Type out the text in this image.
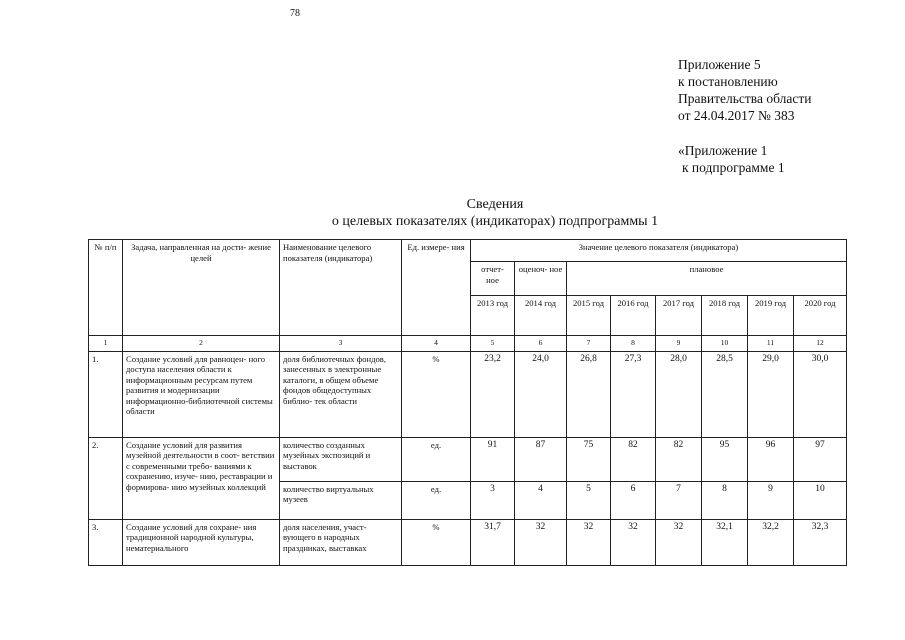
78
Приложение 5
к постановлению
Правительства области
от 24.04.2017 № 383
«Приложение 1
к подпрограмме 1
Сведения
о целевых показателях (индикаторах) подпрограммы 1
№ п/п	Задача, направленная на дости- жение целей	Наименование целевого показателя (индикатора)	Ед. измере- ния	Значение целевого показателя (индикатора)							
				отчет- ное	оценоч- ное	плановое					
				2013 год	2014 год	2015 год	2016 год	2017 год	2018 год	2019 год	2020 год
1	2	3	4	5	6	7	8	9	10	11	12
1.	Создание условий для равноцен- ного доступа населения области к информационным ресурсам путем развития и модернизации информационно-библиотечной системы области	доля библиотечных фондов, занесенных в электронные каталоги, в общем объеме фондов общедоступных библио- тек области	%	23,2	24,0	26,8	27,3	28,0	28,5	29,0	30,0
2.	Создание условий для развития музейной деятельности в соот- ветствии с современными требо- ваниями к сохранению, изуче- нию, реставрации и формирова- нию музейных коллекций	количество созданных музейных экспозиций и выставок	ед.	91	87	75	82	82	95	96	97
		количество виртуальных музеев	ед.	3	4	5	6	7	8	9	10
3.	Создание условий для сохране- ния традиционной народной культуры, нематериального	доля населения, участ- вующего в народных праздниках, выставках	%	31,7	32	32	32	32	32,1	32,2	32,3
